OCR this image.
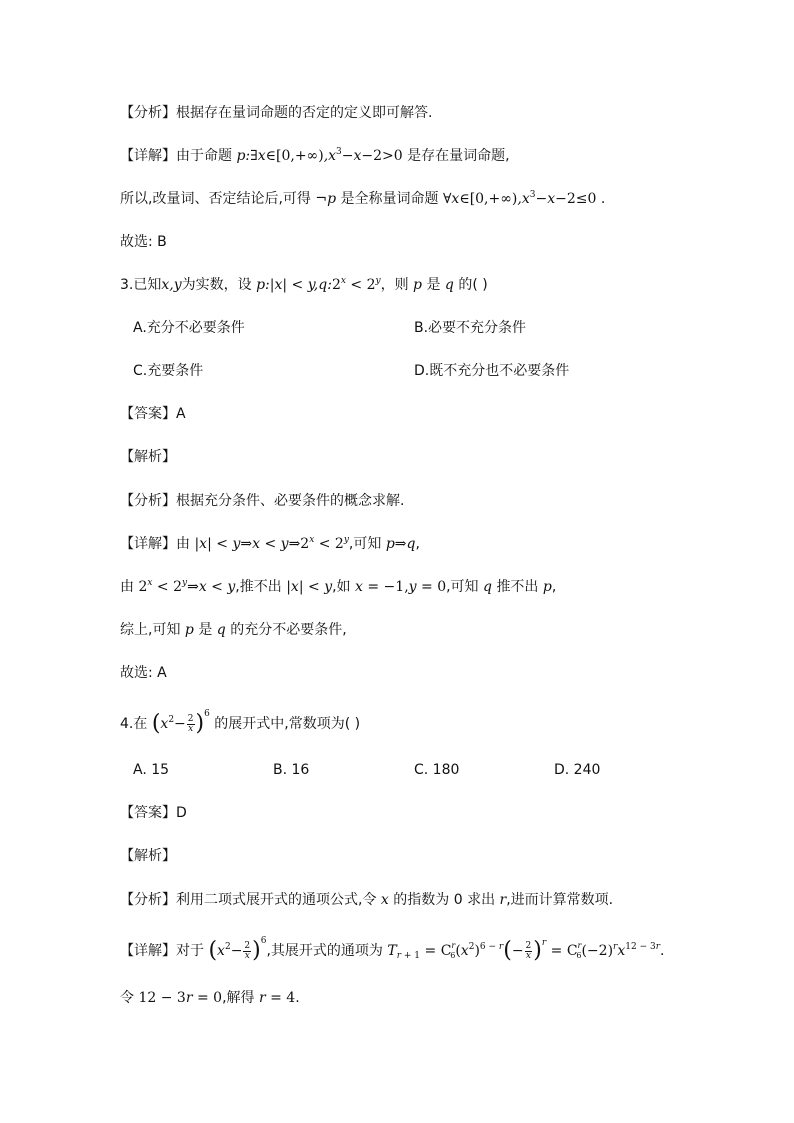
【分析】根据存在量词命题的否定的定义即可解答.
【详解】由于命题 $p:\exists x\in[0,+\infty),x^3-x-2>0$ 是存在量词命题,
所以,改量词、否定结论后,可得 ¬p 是全称量词命题 $\forall x\in[0,+\infty),x^3-x-2\le 0$ .
故选: B
3.已知x,y为实数，设 p:|x| < $y,q:2^x < 2^y$，则 p 是 q 的( )
A.充分不必要条件	B.必要不充分条件
C.充要条件	D.既不充分也不必要条件
【答案】A
【解析】
【分析】根据充分条件、必要条件的概念求解.
【详解】由 |x| < y⇒x < $y\Rightarrow 2^x < 2^y$,可知 p⇒q,
由 $2^x$ < $2^y\Rightarrow x < y$,推不出 |x| < y,如 x = −1,y = 0,可知 q 推不出 p,
综上,可知 p 是 q 的充分不必要条件,
故选: A
4.在 $(x^2- \frac{2}{x} )^6$ 的展开式中,常数项为( )
A. 15	B. 16	C. 180	D. 240
【答案】D
【解析】
【分析】利用二项式展开式的通项公式,令 x 的指数为 0 求出 r,进而计算常数项.
【详解】对于 $(x^2- \frac{2}{x} )^6$,其展开式的通项为 $T_{r + 1} = C^r_6(x^2)^{6 - r}(- \frac{2}{x} )^r = C^r_6(-2)^rx^{12 - 3r}$.
令 12 − 3r = 0,解得 r = 4.
